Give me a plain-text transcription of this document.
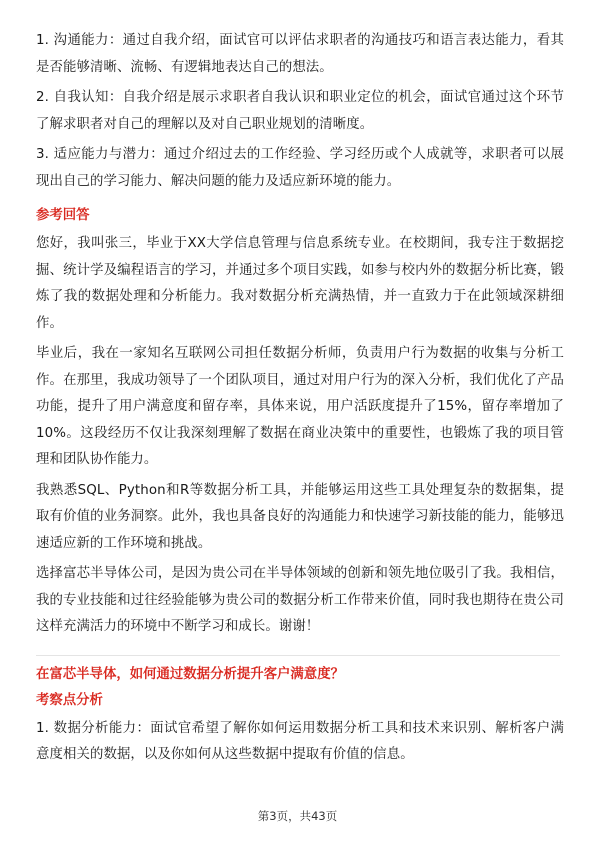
1. 沟通能力：通过自我介绍，面试官可以评估求职者的沟通技巧和语言表达能力，看其是否能够清晰、流畅、有逻辑地表达自己的想法。

2. 自我认知：自我介绍是展示求职者自我认识和职业定位的机会，面试官通过这个环节了解求职者对自己的理解以及对自己职业规划的清晰度。

3. 适应能力与潜力：通过介绍过去的工作经验、学习经历或个人成就等，求职者可以展现出自己的学习能力、解决问题的能力及适应新环境的能力。

参考回答

您好，我叫张三，毕业于XX大学信息管理与信息系统专业。在校期间，我专注于数据挖掘、统计学及编程语言的学习，并通过多个项目实践，如参与校内外的数据分析比赛，锻炼了我的数据处理和分析能力。我对数据分析充满热情，并一直致力于在此领域深耕细作。

毕业后，我在一家知名互联网公司担任数据分析师，负责用户行为数据的收集与分析工作。在那里，我成功领导了一个团队项目，通过对用户行为的深入分析，我们优化了产品功能，提升了用户满意度和留存率，具体来说，用户活跃度提升了15%，留存率增加了10%。这段经历不仅让我深刻理解了数据在商业决策中的重要性，也锻炼了我的项目管理和团队协作能力。

我熟悉SQL、Python和R等数据分析工具，并能够运用这些工具处理复杂的数据集，提取有价值的业务洞察。此外，我也具备良好的沟通能力和快速学习新技能的能力，能够迅速适应新的工作环境和挑战。

选择富芯半导体公司，是因为贵公司在半导体领域的创新和领先地位吸引了我。我相信，我的专业技能和过往经验能够为贵公司的数据分析工作带来价值，同时我也期待在贵公司这样充满活力的环境中不断学习和成长。谢谢！

在富芯半导体，如何通过数据分析提升客户满意度？
考察点分析

1. 数据分析能力：面试官希望了解你如何运用数据分析工具和技术来识别、解析客户满意度相关的数据，以及你如何从这些数据中提取有价值的信息。

第3页，共43页
